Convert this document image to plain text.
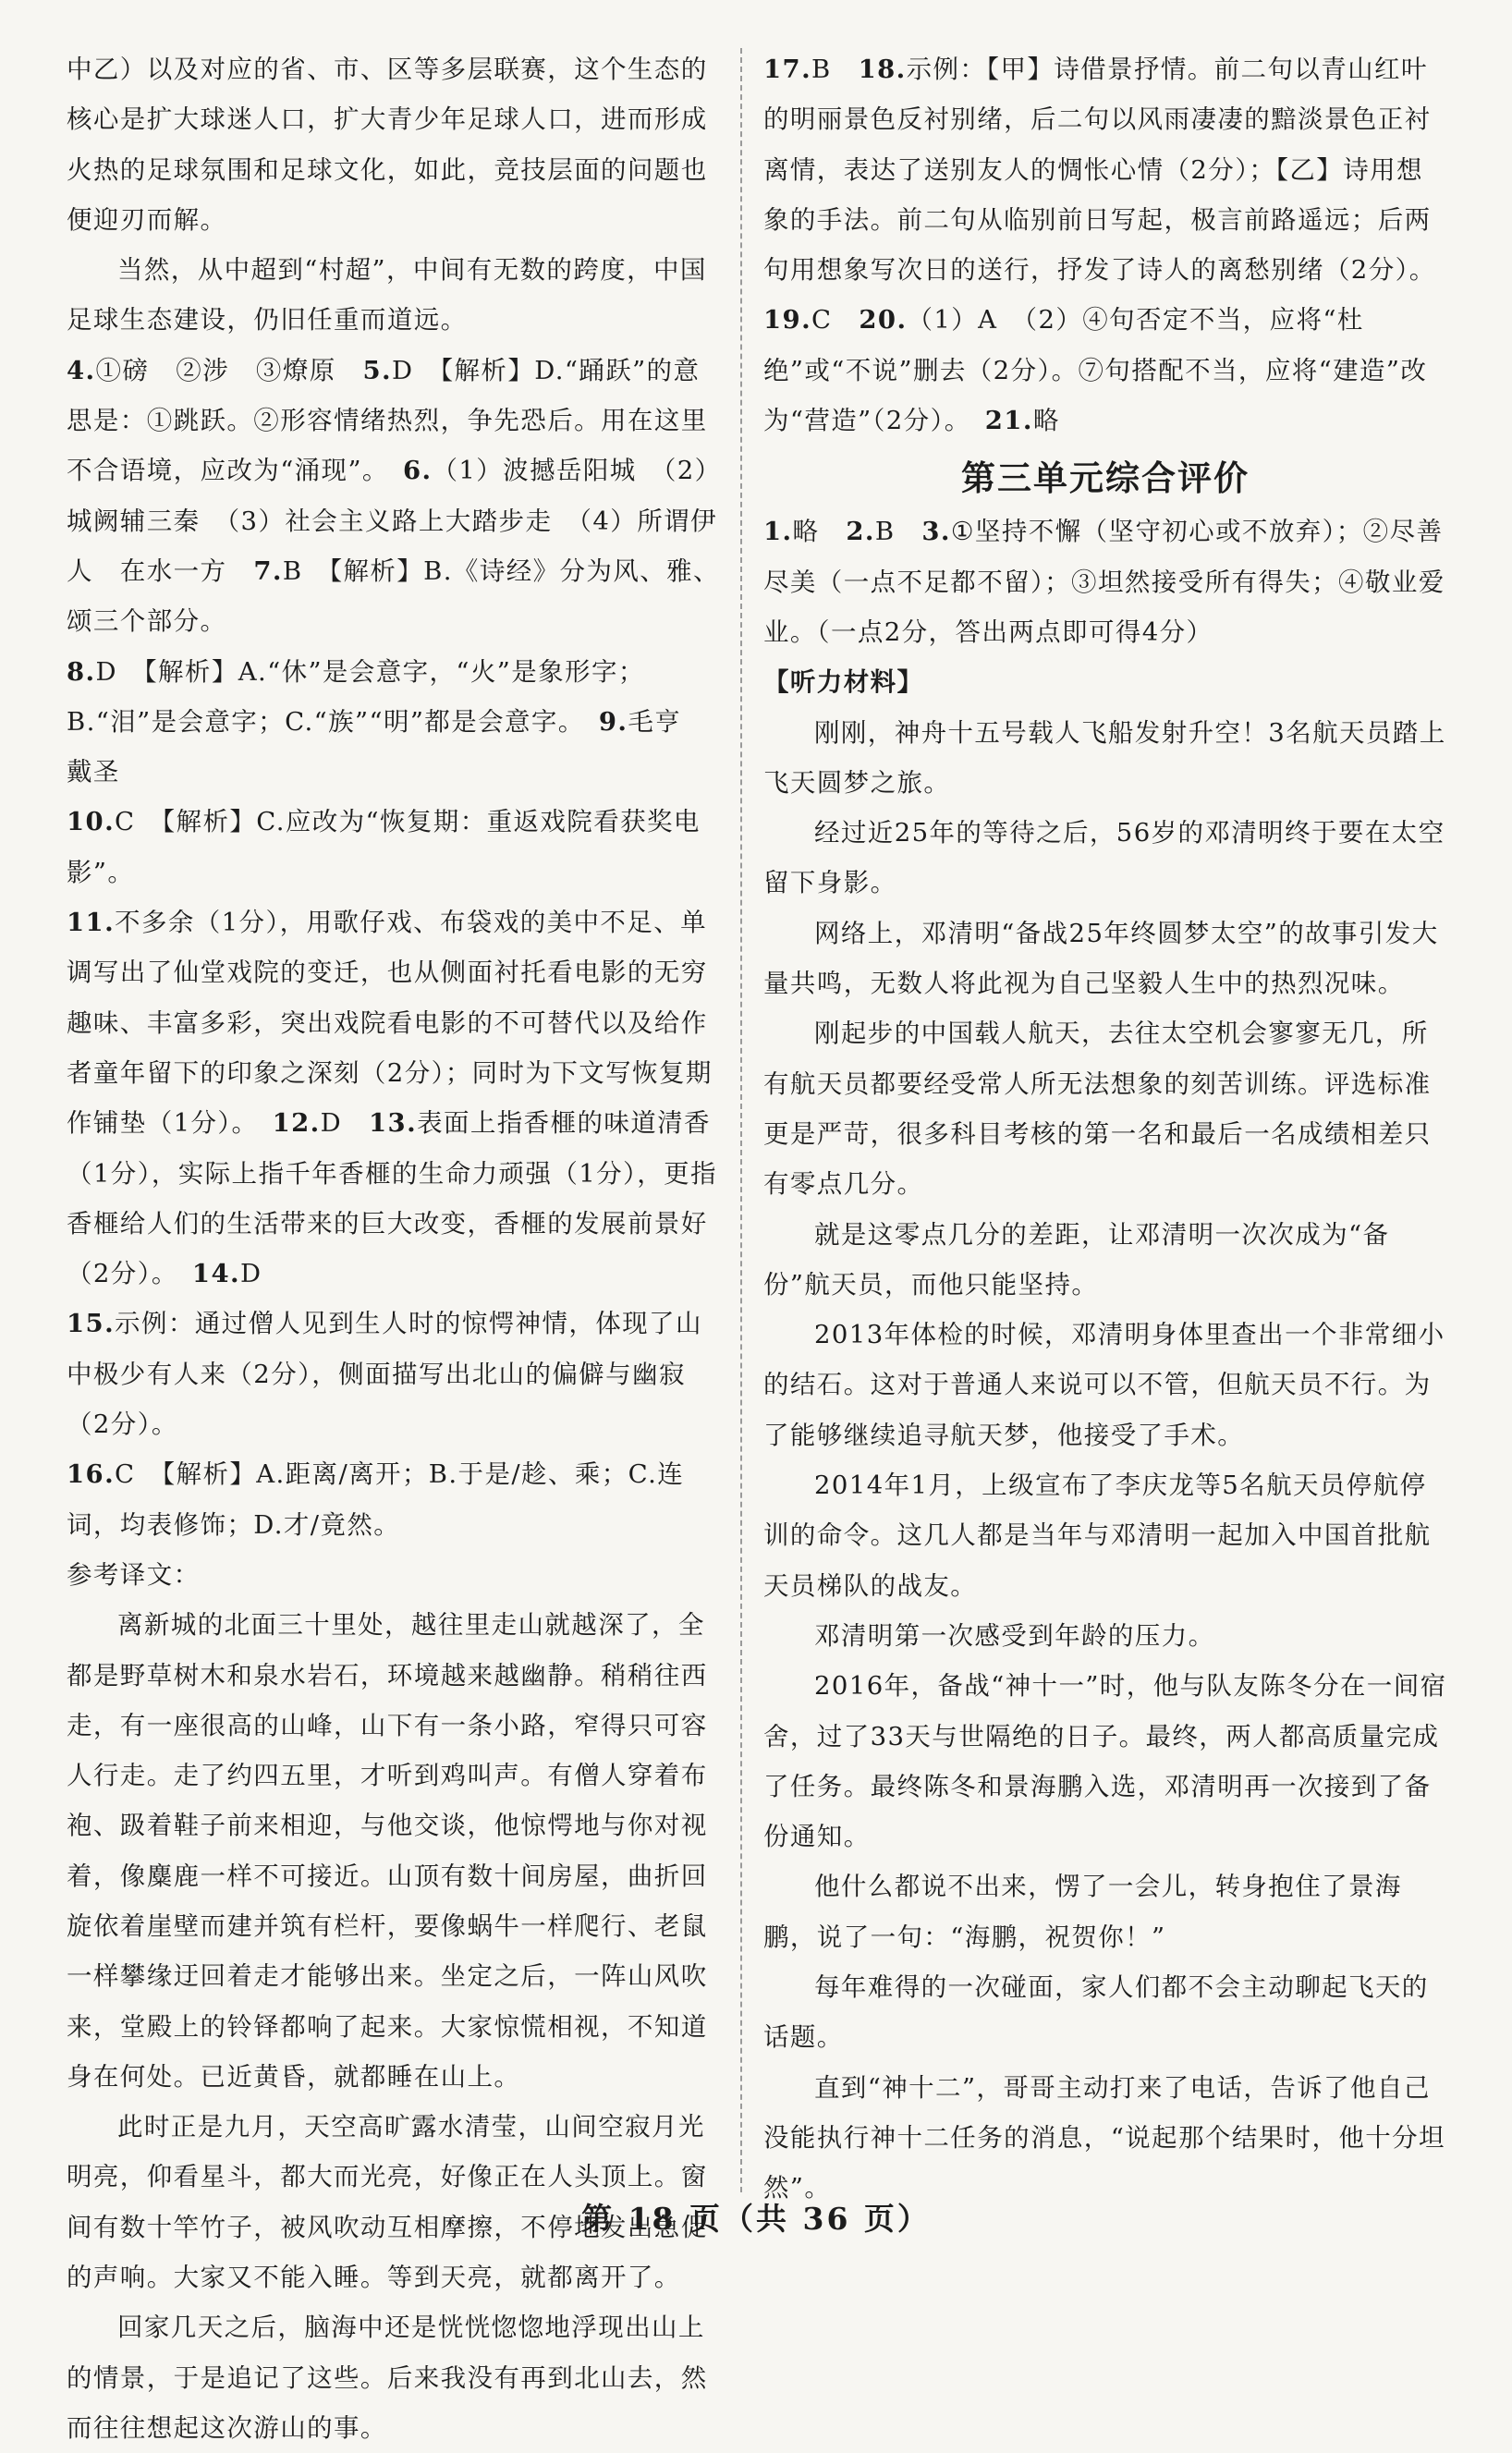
中乙）以及对应的省、市、区等多层联赛，这个生态的核心是扩大球迷人口，扩大青少年足球人口，进而形成火热的足球氛围和足球文化，如此，竞技层面的问题也便迎刃而解。

当然，从中超到“村超”，中间有无数的跨度，中国足球生态建设，仍旧任重而道远。

4.①磅　②涉　③燎原　5.D　【解析】D.“踊跃”的意思是：①跳跃。②形容情绪热烈，争先恐后。用在这里不合语境，应改为“涌现”。　6.（1）波撼岳阳城　（2）城阙辅三秦　（3）社会主义路上大踏步走　（4）所谓伊人　在水一方　7.B　【解析】B.《诗经》分为风、雅、颂三个部分。

8.D　【解析】A.“休”是会意字，“火”是象形字；B.“泪”是会意字；C.“族”“明”都是会意字。　9.毛亨　戴圣

10.C　【解析】C.应改为“恢复期：重返戏院看获奖电影”。

11.不多余（1分），用歌仔戏、布袋戏的美中不足、单调写出了仙堂戏院的变迁，也从侧面衬托看电影的无穷趣味、丰富多彩，突出戏院看电影的不可替代以及给作者童年留下的印象之深刻（2分）；同时为下文写恢复期作铺垫（1分）。　12.D　13.表面上指香榧的味道清香（1分），实际上指千年香榧的生命力顽强（1分），更指香榧给人们的生活带来的巨大改变，香榧的发展前景好（2分）。　14.D

15.示例：通过僧人见到生人时的惊愕神情，体现了山中极少有人来（2分），侧面描写出北山的偏僻与幽寂（2分）。

16.C　【解析】A.距离/离开；B.于是/趁、乘；C.连词，均表修饰；D.才/竟然。

参考译文：

离新城的北面三十里处，越往里走山就越深了，全都是野草树木和泉水岩石，环境越来越幽静。稍稍往西走，有一座很高的山峰，山下有一条小路，窄得只可容人行走。走了约四五里，才听到鸡叫声。有僧人穿着布袍、趿着鞋子前来相迎，与他交谈，他惊愕地与你对视着，像麋鹿一样不可接近。山顶有数十间房屋，曲折回旋依着崖壁而建并筑有栏杆，要像蜗牛一样爬行、老鼠一样攀缘迂回着走才能够出来。坐定之后，一阵山风吹来，堂殿上的铃铎都响了起来。大家惊慌相视，不知道身在何处。已近黄昏，就都睡在山上。

此时正是九月，天空高旷露水清莹，山间空寂月光明亮，仰看星斗，都大而光亮，好像正在人头顶上。窗间有数十竿竹子，被风吹动互相摩擦，不停地发出急促的声响。大家又不能入睡。等到天亮，就都离开了。

回家几天之后，脑海中还是恍恍惚惚地浮现出山上的情景，于是追记了这些。后来我没有再到北山去，然而往往想起这次游山的事。

17.B　18.示例：【甲】诗借景抒情。前二句以青山红叶的明丽景色反衬别绪，后二句以风雨凄凄的黯淡景色正衬离情，表达了送别友人的惆怅心情（2分）；【乙】诗用想象的手法。前二句从临别前日写起，极言前路遥远；后两句用想象写次日的送行，抒发了诗人的离愁别绪（2分）。

19.C　20.（1）A　（2）④句否定不当，应将“杜绝”或“不说”删去（2分）。⑦句搭配不当，应将“建造”改为“营造”（2分）。　21.略

第三单元综合评价

1.略　2.B　3.①坚持不懈（坚守初心或不放弃）；②尽善尽美（一点不足都不留）；③坦然接受所有得失；④敬业爱业。（一点2分，答出两点即可得4分）

【听力材料】

刚刚，神舟十五号载人飞船发射升空！3名航天员踏上飞天圆梦之旅。

经过近25年的等待之后，56岁的邓清明终于要在太空留下身影。

网络上，邓清明“备战25年终圆梦太空”的故事引发大量共鸣，无数人将此视为自己坚毅人生中的热烈况味。

刚起步的中国载人航天，去往太空机会寥寥无几，所有航天员都要经受常人所无法想象的刻苦训练。评选标准更是严苛，很多科目考核的第一名和最后一名成绩相差只有零点几分。

就是这零点几分的差距，让邓清明一次次成为“备份”航天员，而他只能坚持。

2013年体检的时候，邓清明身体里查出一个非常细小的结石。这对于普通人来说可以不管，但航天员不行。为了能够继续追寻航天梦，他接受了手术。

2014年1月，上级宣布了李庆龙等5名航天员停航停训的命令。这几人都是当年与邓清明一起加入中国首批航天员梯队的战友。

邓清明第一次感受到年龄的压力。

2016年，备战“神十一”时，他与队友陈冬分在一间宿舍，过了33天与世隔绝的日子。最终，两人都高质量完成了任务。最终陈冬和景海鹏入选，邓清明再一次接到了备份通知。

他什么都说不出来，愣了一会儿，转身抱住了景海鹏，说了一句：“海鹏，祝贺你！”

每年难得的一次碰面，家人们都不会主动聊起飞天的话题。

直到“神十二”，哥哥主动打来了电话，告诉了他自己没能执行神十二任务的消息，“说起那个结果时，他十分坦然”。

第 18 页（共 36 页）
